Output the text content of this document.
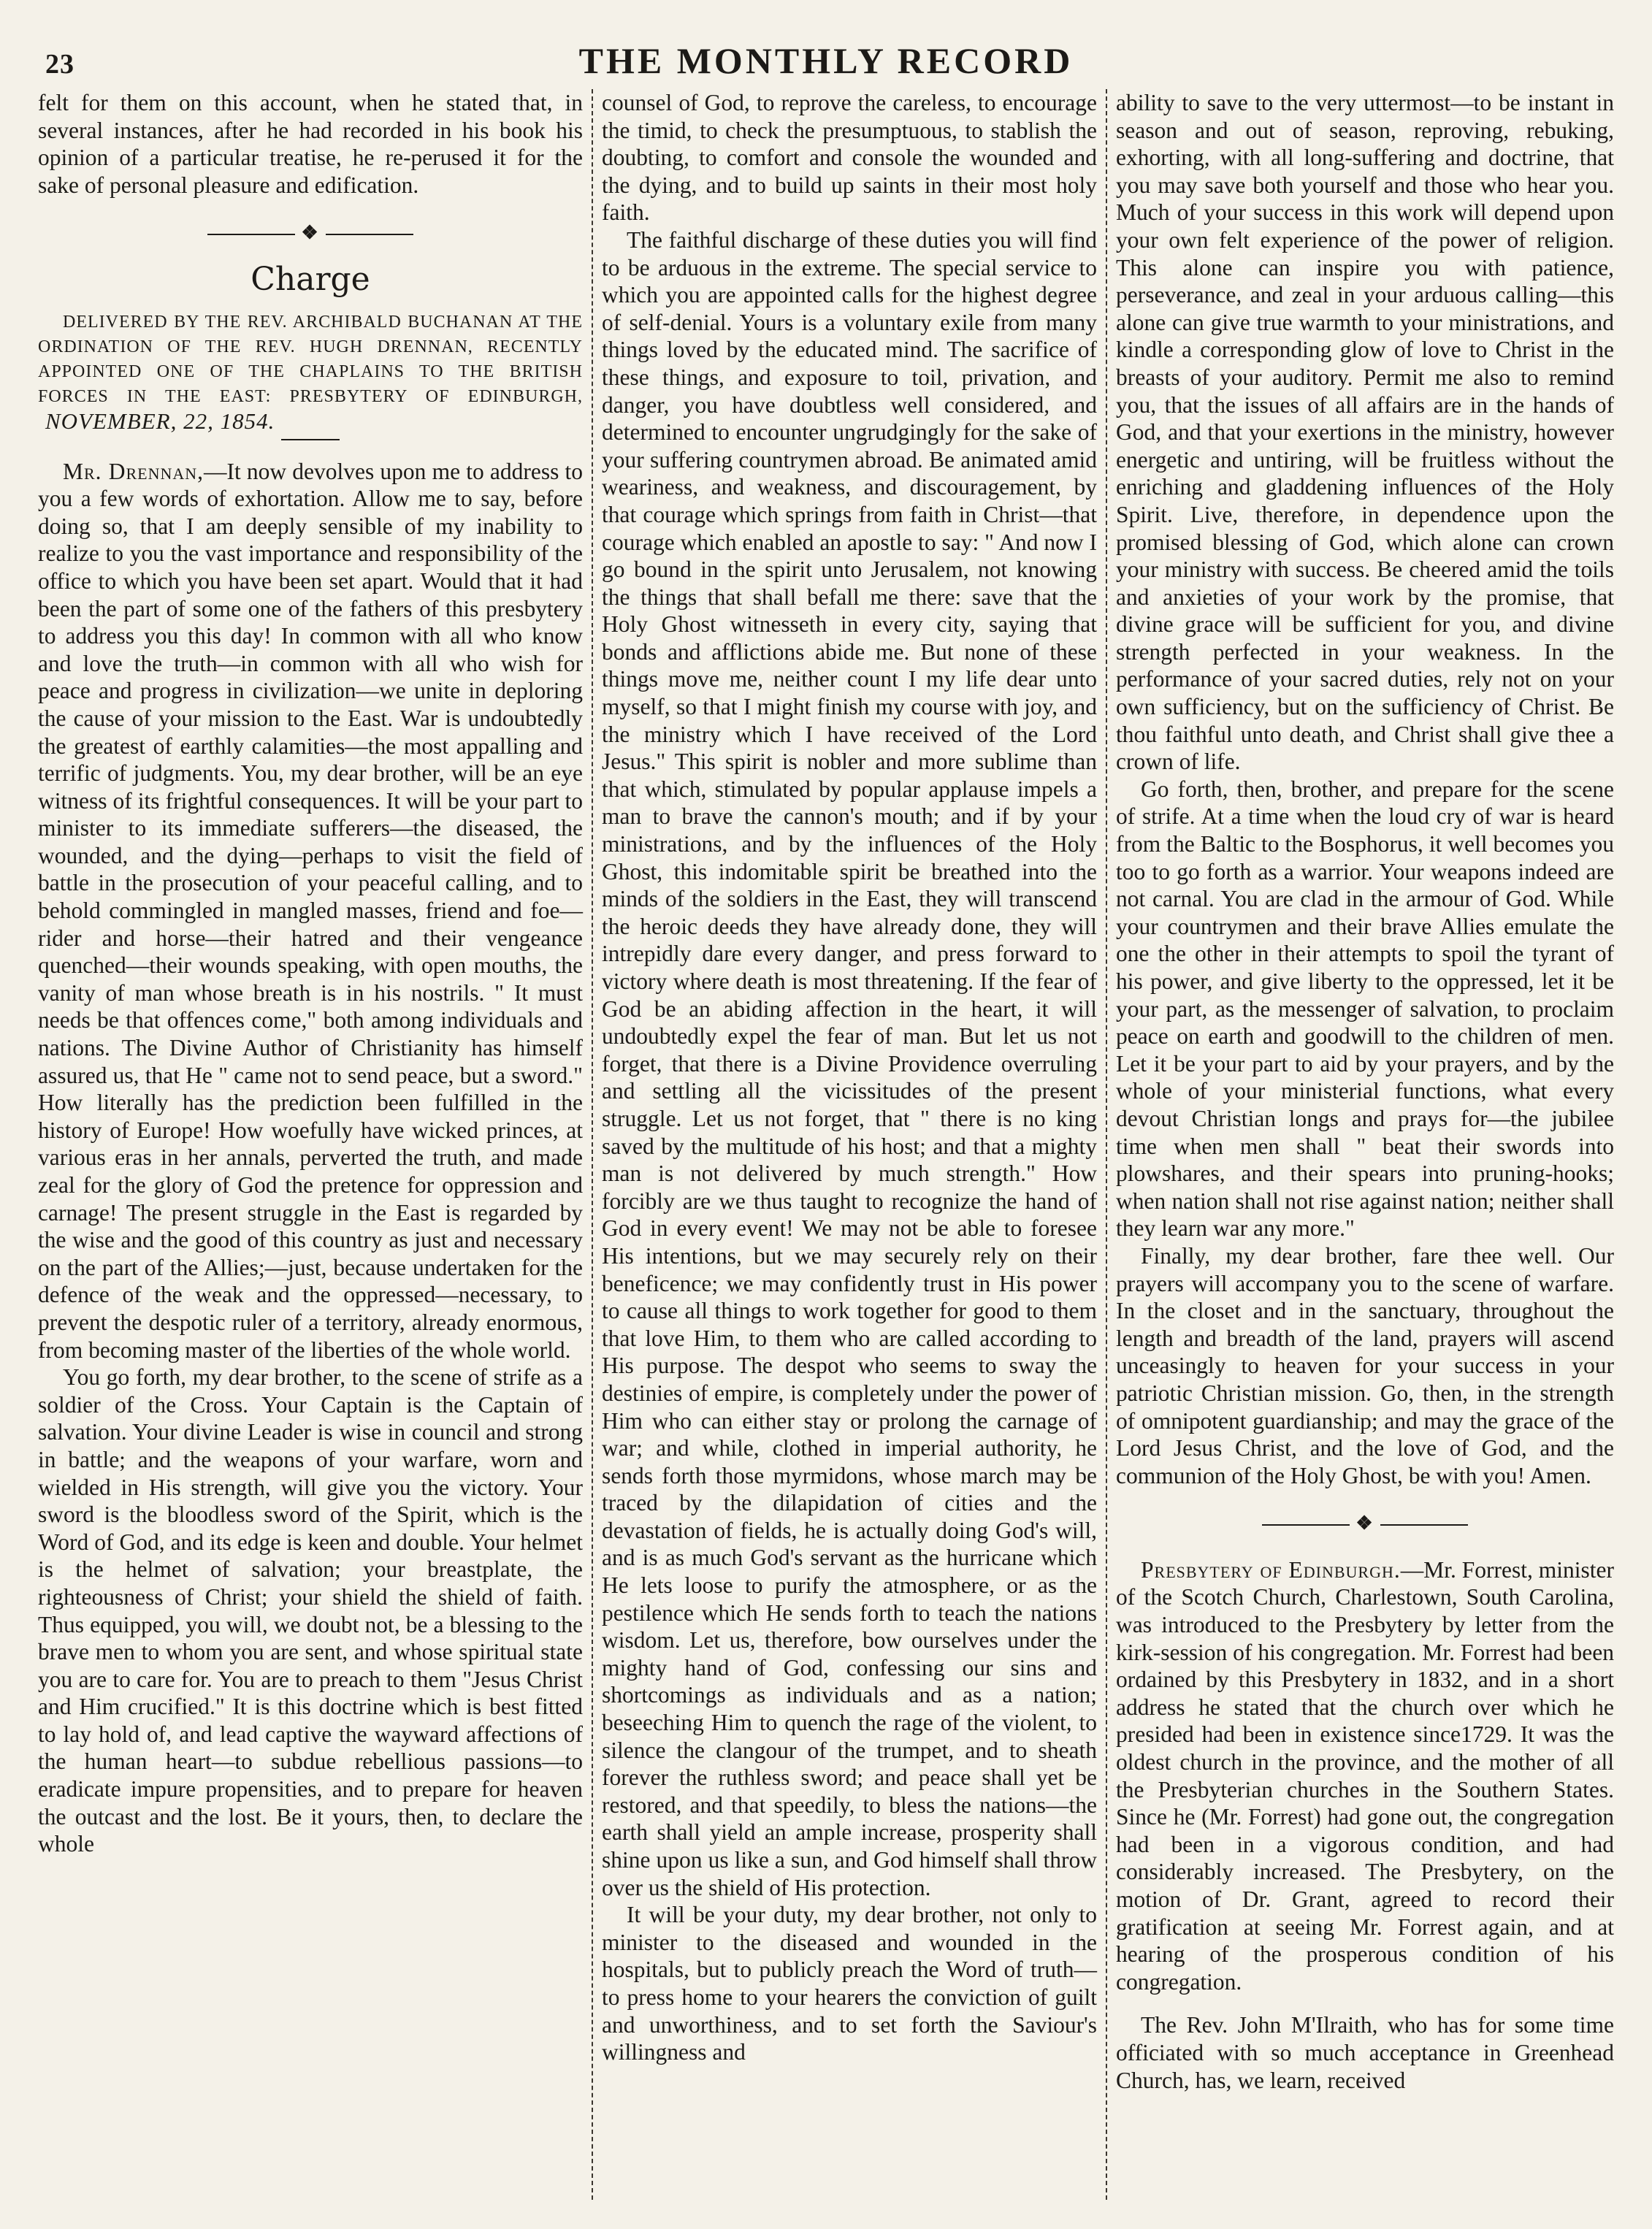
23	THE MONTHLY RECORD

felt for them on this account, when he stated that, in several instances, after he had recorded in his book his opinion of a particular treatise, he re-perused it for the sake of personal pleasure and edification.

❖
Charge

DELIVERED BY THE REV. ARCHIBALD BUCHANAN AT THE ORDINATION OF THE REV. HUGH DRENNAN, RECENTLY APPOINTED ONE OF THE CHAPLAINS TO THE BRITISH FORCES IN THE EAST: PRESBYTERY OF EDINBURGH, NOVEMBER, 22, 1854.

Mr. Drennan,—It now devolves upon me to address to you a few words of exhortation. Allow me to say, before doing so, that I am deeply sensible of my inability to realize to you the vast importance and responsibility of the office to which you have been set apart. Would that it had been the part of some one of the fathers of this presbytery to address you this day! In common with all who know and love the truth—in common with all who wish for peace and progress in civilization—we unite in deploring the cause of your mission to the East. War is undoubtedly the greatest of earthly calamities—the most appalling and terrific of judgments. You, my dear brother, will be an eye witness of its frightful consequences. It will be your part to minister to its immediate sufferers—the diseased, the wounded, and the dying—perhaps to visit the field of battle in the prosecution of your peaceful calling, and to behold commingled in mangled masses, friend and foe—rider and horse—their hatred and their vengeance quenched—their wounds speaking, with open mouths, the vanity of man whose breath is in his nostrils. " It must needs be that offences come," both among individuals and nations. The Divine Author of Christianity has himself assured us, that He " came not to send peace, but a sword." How literally has the prediction been fulfilled in the history of Europe! How woefully have wicked princes, at various eras in her annals, perverted the truth, and made zeal for the glory of God the pretence for oppression and carnage! The present struggle in the East is regarded by the wise and the good of this country as just and necessary on the part of the Allies;—just, because undertaken for the defence of the weak and the oppressed—necessary, to prevent the despotic ruler of a territory, already enormous, from becoming master of the liberties of the whole world.

You go forth, my dear brother, to the scene of strife as a soldier of the Cross. Your Captain is the Captain of salvation. Your divine Leader is wise in council and strong in battle; and the weapons of your warfare, worn and wielded in His strength, will give you the victory. Your sword is the bloodless sword of the Spirit, which is the Word of God, and its edge is keen and double. Your helmet is the helmet of salvation; your breastplate, the righteousness of Christ; your shield the shield of faith. Thus equipped, you will, we doubt not, be a blessing to the brave men to whom you are sent, and whose spiritual state you are to care for. You are to preach to them "Jesus Christ and Him crucified." It is this doctrine which is best fitted to lay hold of, and lead captive the wayward affections of the human heart—to subdue rebellious passions—to eradicate impure propensities, and to prepare for heaven the outcast and the lost. Be it yours, then, to declare the whole

counsel of God, to reprove the careless, to encourage the timid, to check the presumptuous, to stablish the doubting, to comfort and console the wounded and the dying, and to build up saints in their most holy faith.

The faithful discharge of these duties you will find to be arduous in the extreme. The special service to which you are appointed calls for the highest degree of self-denial. Yours is a voluntary exile from many things loved by the educated mind. The sacrifice of these things, and exposure to toil, privation, and danger, you have doubtless well considered, and determined to encounter ungrudgingly for the sake of your suffering countrymen abroad. Be animated amid weariness, and weakness, and discouragement, by that courage which springs from faith in Christ—that courage which enabled an apostle to say: " And now I go bound in the spirit unto Jerusalem, not knowing the things that shall befall me there: save that the Holy Ghost witnesseth in every city, saying that bonds and afflictions abide me. But none of these things move me, neither count I my life dear unto myself, so that I might finish my course with joy, and the ministry which I have received of the Lord Jesus." This spirit is nobler and more sublime than that which, stimulated by popular applause impels a man to brave the cannon's mouth; and if by your ministrations, and by the influences of the Holy Ghost, this indomitable spirit be breathed into the minds of the soldiers in the East, they will transcend the heroic deeds they have already done, they will intrepidly dare every danger, and press forward to victory where death is most threatening. If the fear of God be an abiding affection in the heart, it will undoubtedly expel the fear of man. But let us not forget, that there is a Divine Providence overruling and settling all the vicissitudes of the present struggle. Let us not forget, that " there is no king saved by the multitude of his host; and that a mighty man is not delivered by much strength." How forcibly are we thus taught to recognize the hand of God in every event! We may not be able to foresee His intentions, but we may securely rely on their beneficence; we may confidently trust in His power to cause all things to work together for good to them that love Him, to them who are called according to His purpose. The despot who seems to sway the destinies of empire, is completely under the power of Him who can either stay or prolong the carnage of war; and while, clothed in imperial authority, he sends forth those myrmidons, whose march may be traced by the dilapidation of cities and the devastation of fields, he is actually doing God's will, and is as much God's servant as the hurricane which He lets loose to purify the atmosphere, or as the pestilence which He sends forth to teach the nations wisdom. Let us, therefore, bow ourselves under the mighty hand of God, confessing our sins and shortcomings as individuals and as a nation; beseeching Him to quench the rage of the violent, to silence the clangour of the trumpet, and to sheath forever the ruthless sword; and peace shall yet be restored, and that speedily, to bless the nations—the earth shall yield an ample increase, prosperity shall shine upon us like a sun, and God himself shall throw over us the shield of His protection.

It will be your duty, my dear brother, not only to minister to the diseased and wounded in the hospitals, but to publicly preach the Word of truth—to press home to your hearers the conviction of guilt and unworthiness, and to set forth the Saviour's willingness and

ability to save to the very uttermost—to be instant in season and out of season, reproving, rebuking, exhorting, with all long-suffering and doctrine, that you may save both yourself and those who hear you. Much of your success in this work will depend upon your own felt experience of the power of religion. This alone can inspire you with patience, perseverance, and zeal in your arduous calling—this alone can give true warmth to your ministrations, and kindle a corresponding glow of love to Christ in the breasts of your auditory. Permit me also to remind you, that the issues of all affairs are in the hands of God, and that your exertions in the ministry, however energetic and untiring, will be fruitless without the enriching and gladdening influences of the Holy Spirit. Live, therefore, in dependence upon the promised blessing of God, which alone can crown your ministry with success. Be cheered amid the toils and anxieties of your work by the promise, that divine grace will be sufficient for you, and divine strength perfected in your weakness. In the performance of your sacred duties, rely not on your own sufficiency, but on the sufficiency of Christ. Be thou faithful unto death, and Christ shall give thee a crown of life.

Go forth, then, brother, and prepare for the scene of strife. At a time when the loud cry of war is heard from the Baltic to the Bosphorus, it well becomes you too to go forth as a warrior. Your weapons indeed are not carnal. You are clad in the armour of God. While your countrymen and their brave Allies emulate the one the other in their attempts to spoil the tyrant of his power, and give liberty to the oppressed, let it be your part, as the messenger of salvation, to proclaim peace on earth and goodwill to the children of men. Let it be your part to aid by your prayers, and by the whole of your ministerial functions, what every devout Christian longs and prays for—the jubilee time when men shall " beat their swords into plowshares, and their spears into pruning-hooks; when nation shall not rise against nation; neither shall they learn war any more."

Finally, my dear brother, fare thee well. Our prayers will accompany you to the scene of warfare. In the closet and in the sanctuary, throughout the length and breadth of the land, prayers will ascend unceasingly to heaven for your success in your patriotic Christian mission. Go, then, in the strength of omnipotent guardianship; and may the grace of the Lord Jesus Christ, and the love of God, and the communion of the Holy Ghost, be with you! Amen.

❖

Presbytery of Edinburgh.—Mr. Forrest, minister of the Scotch Church, Charlestown, South Carolina, was introduced to the Presbytery by letter from the kirk-session of his congregation. Mr. Forrest had been ordained by this Presbytery in 1832, and in a short address he stated that the church over which he presided had been in existence since1729. It was the oldest church in the province, and the mother of all the Presbyterian churches in the Southern States. Since he (Mr. Forrest) had gone out, the congregation had been in a vigorous condition, and had considerably increased. The Presbytery, on the motion of Dr. Grant, agreed to record their gratification at seeing Mr. Forrest again, and at hearing of the prosperous condition of his congregation.

The Rev. John M'Ilraith, who has for some time officiated with so much acceptance in Greenhead Church, has, we learn, received
